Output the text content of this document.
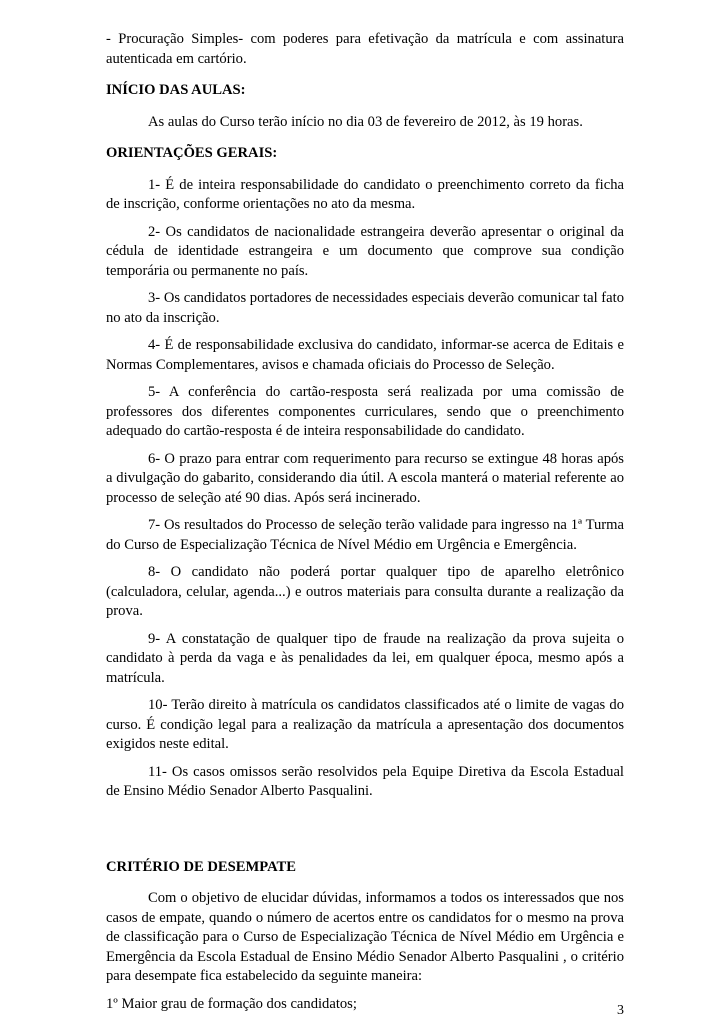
- Procuração Simples- com poderes para efetivação da matrícula e com assinatura autenticada em cartório.

INÍCIO DAS AULAS:

As aulas do Curso terão início no dia 03 de fevereiro de 2012, às 19 horas.

ORIENTAÇÕES GERAIS:

1- É de inteira responsabilidade do candidato o preenchimento correto da ficha de inscrição, conforme orientações no ato da mesma.

2- Os candidatos de nacionalidade estrangeira deverão apresentar o original da cédula de identidade estrangeira e um documento que comprove sua condição temporária ou permanente no país.

3- Os candidatos portadores de necessidades especiais deverão comunicar tal fato no ato da inscrição.

4- É de responsabilidade exclusiva do candidato, informar-se acerca de Editais e Normas Complementares, avisos e chamada oficiais do Processo de Seleção.

5- A conferência do cartão-resposta será realizada por uma comissão de professores dos diferentes componentes curriculares, sendo que o preenchimento adequado do cartão-resposta é de inteira responsabilidade do candidato.

6- O prazo para entrar com requerimento para recurso se extingue 48 horas após a divulgação do gabarito, considerando dia útil. A escola manterá o material referente ao processo de seleção até 90 dias. Após será incinerado.

7- Os resultados do Processo de seleção terão validade para ingresso na 1ª Turma do Curso de Especialização Técnica de Nível Médio em Urgência e Emergência.

8- O candidato não poderá portar qualquer tipo de aparelho eletrônico (calculadora, celular, agenda...) e outros materiais para consulta durante a realização da prova.

9- A constatação de qualquer tipo de fraude na realização da prova sujeita o candidato à perda da vaga e às penalidades da lei, em qualquer época, mesmo após a matrícula.

10- Terão direito à matrícula os candidatos classificados até o limite de vagas do curso. É condição legal para a realização da matrícula a apresentação dos documentos exigidos neste edital.

11- Os casos omissos serão resolvidos pela Equipe Diretiva da Escola Estadual de Ensino Médio Senador Alberto Pasqualini.

CRITÉRIO DE DESEMPATE

Com o objetivo de elucidar dúvidas, informamos a todos os interessados que nos casos de empate, quando o número de acertos entre os candidatos for o mesmo na prova de classificação para o Curso de Especialização Técnica de Nível Médio em Urgência e Emergência da Escola Estadual de Ensino Médio Senador Alberto Pasqualini , o critério para desempate fica estabelecido da seguinte maneira:

1º Maior grau de formação dos candidatos;	3
